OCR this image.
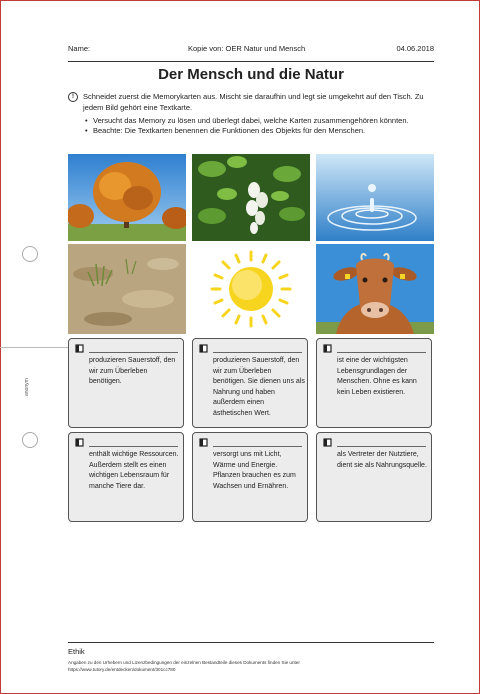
Name:	Kopie von: OER Natur und Mensch	04.06.2018
Der Mensch und die Natur
!	Schneidet zuerst die Memorykarten aus. Mischt sie daraufhin und legt sie umgekehrt auf den Tisch. Zu jedem Bild gehört eine Textkarte.
• Versucht das Memory zu lösen und überlegt dabei, welche Karten zusammengehören könnten.
• Beachte: Die Textkarten benennen die Funktionen des Objekts für den Menschen.
anonym
produzieren Sauerstoff, den wir zum Überleben benötigen.
produzieren Sauerstoff, den wir zum Überleben benötigen. Sie dienen uns als Nahrung und haben außerdem einen ästhetischen Wert.
ist eine der wichtigsten Lebensgrundlagen der Menschen. Ohne es kann kein Leben existieren.
enthält wichtige Ressourcen. Außerdem stellt es einen wichtigen Lebensraum für manche Tiere dar.
versorgt uns mit Licht, Wärme und Energie. Pflanzen brauchen es zum Wachsen und Ernähren.
als Vertreter der Nutztiere, dient sie als Nahrungsquelle.
Ethik
Angaben zu den Urhebern und Lizenzbedingungen der einzelnen Bestandteile dieses Dokuments finden Sie unter
https://www.tutory.de/entdecken/dokument/301cc780
